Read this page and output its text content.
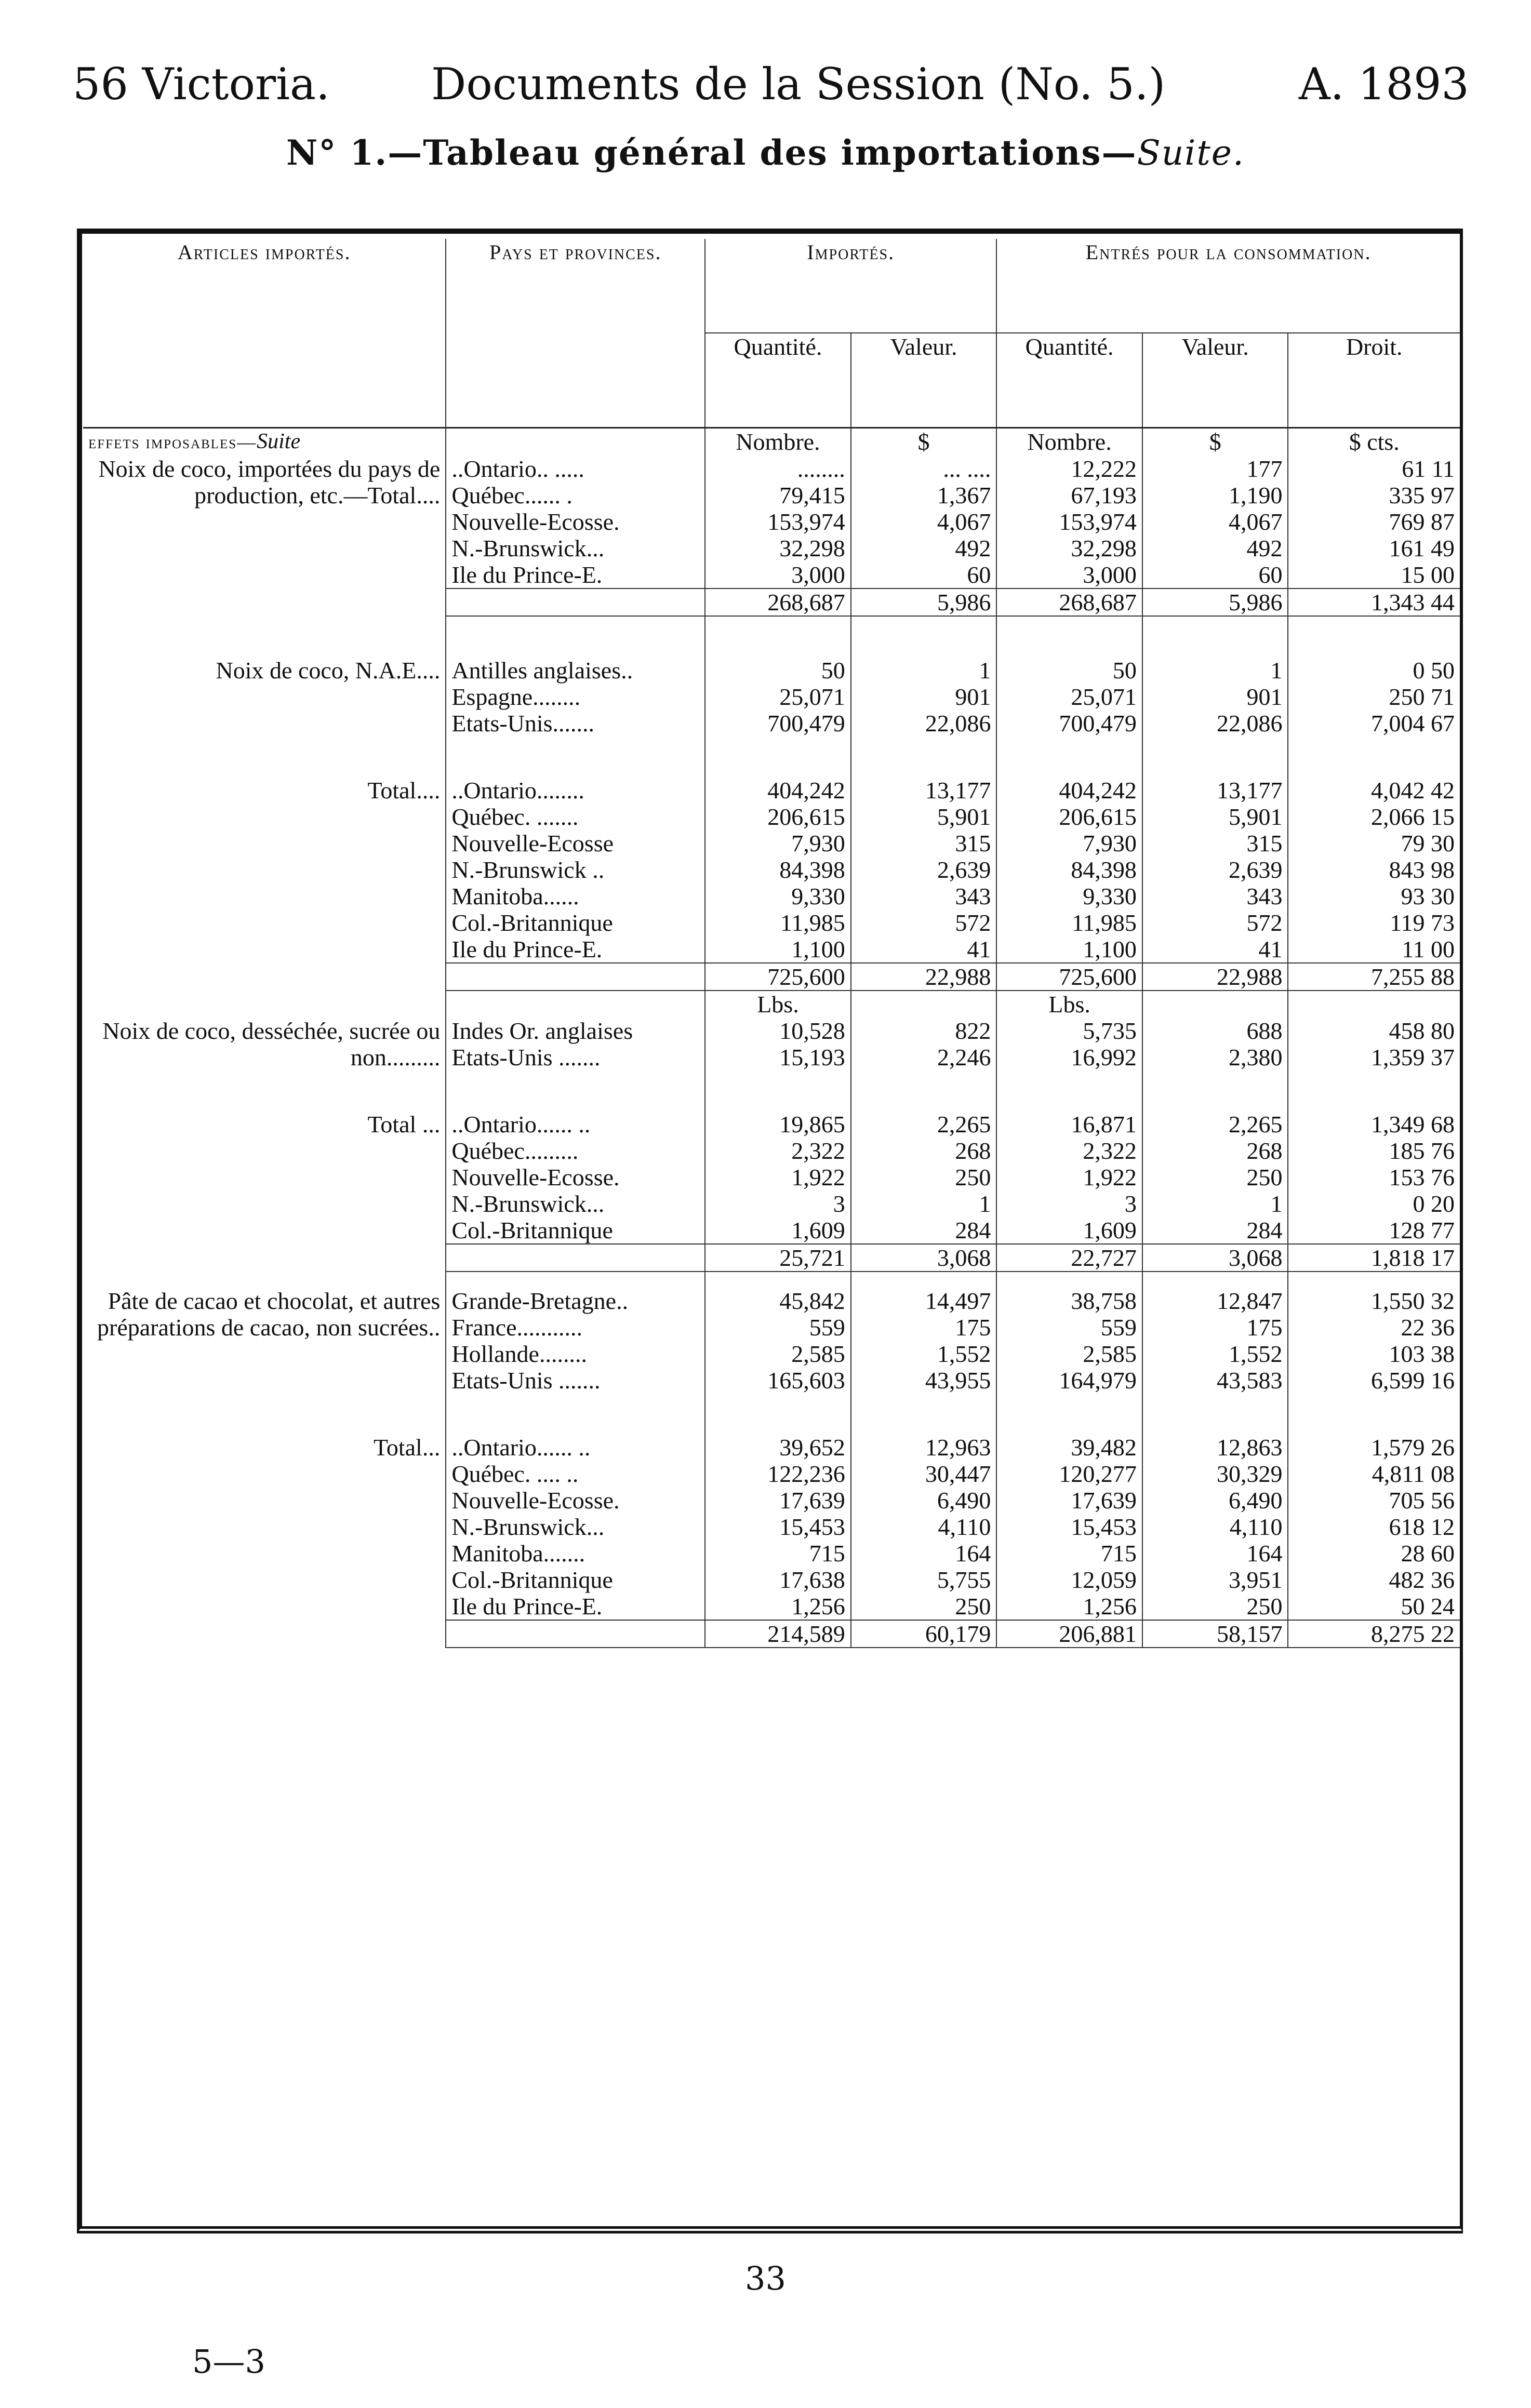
56 Victoria. Documents de la Session (No. 5.)	A. 1893
N° 1.—Tableau général des importations—Suite.
Articles importés.	Pays et provinces.	Importés.		Entrés pour la consommation.		
		Quantité.	Valeur.	Quantité.	Valeur.	Droit.

effets imposables—Suite		Nombre.	$	Nombre.	$	$ cts.
Noix de coco, importées du pays de production, etc.—Total....	..Ontario.. .....	........	... ....	12,222	177	61 11
	Québec...... .	79,415	1,367	67,193	1,190	335 97
	Nouvelle-Ecosse.	153,974	4,067	153,974	4,067	769 87
	N.-Brunswick...	32,298	492	32,298	492	161 49
	Ile du Prince-E.	3,000	60	3,000	60	15 00
		268,687	5,986	268,687	5,986	1,343 44

Noix de coco, N.A.E....	Antilles anglaises..	50	1	50	1	0 50
	Espagne........	25,071	901	25,071	901	250 71
	Etats-Unis.......	700,479	22,086	700,479	22,086	7,004 67

Total....	..Ontario........	404,242	13,177	404,242	13,177	4,042 42
	Québec. .......	206,615	5,901	206,615	5,901	2,066 15
	Nouvelle-Ecosse	7,930	315	7,930	315	79 30
	N.-Brunswick ..	84,398	2,639	84,398	2,639	843 98
	Manitoba......	9,330	343	9,330	343	93 30
	Col.-Britannique	11,985	572	11,985	572	119 73
	Ile du Prince-E.	1,100	41	1,100	41	11 00
		725,600	22,988	725,600	22,988	7,255 88
		Lbs.		Lbs.		
Noix de coco, desséchée, sucrée ou non.........	Indes Or. anglaises	10,528	822	5,735	688	458 80
	Etats-Unis .......	15,193	2,246	16,992	2,380	1,359 37

Total ...	..Ontario...... ..	19,865	2,265	16,871	2,265	1,349 68
	Québec.........	2,322	268	2,322	268	185 76
	Nouvelle-Ecosse.	1,922	250	1,922	250	153 76
	N.-Brunswick...	3	1	3	1	0 20
	Col.-Britannique	1,609	284	1,609	284	128 77
		25,721	3,068	22,727	3,068	1,818 17

Pâte de cacao et chocolat, et autres préparations de cacao, non sucrées..	Grande-Bretagne..	45,842	14,497	38,758	12,847	1,550 32
	France...........	559	175	559	175	22 36
	Hollande........	2,585	1,552	2,585	1,552	103 38
	Etats-Unis .......	165,603	43,955	164,979	43,583	6,599 16

Total...	..Ontario...... ..	39,652	12,963	39,482	12,863	1,579 26
	Québec. .... ..	122,236	30,447	120,277	30,329	4,811 08
	Nouvelle-Ecosse.	17,639	6,490	17,639	6,490	705 56
	N.-Brunswick...	15,453	4,110	15,453	4,110	618 12
	Manitoba.......	715	164	715	164	28 60
	Col.-Britannique	17,638	5,755	12,059	3,951	482 36
	Ile du Prince-E.	1,256	250	1,256	250	50 24
		214,589	60,179	206,881	58,157	8,275 22
33
5—3
